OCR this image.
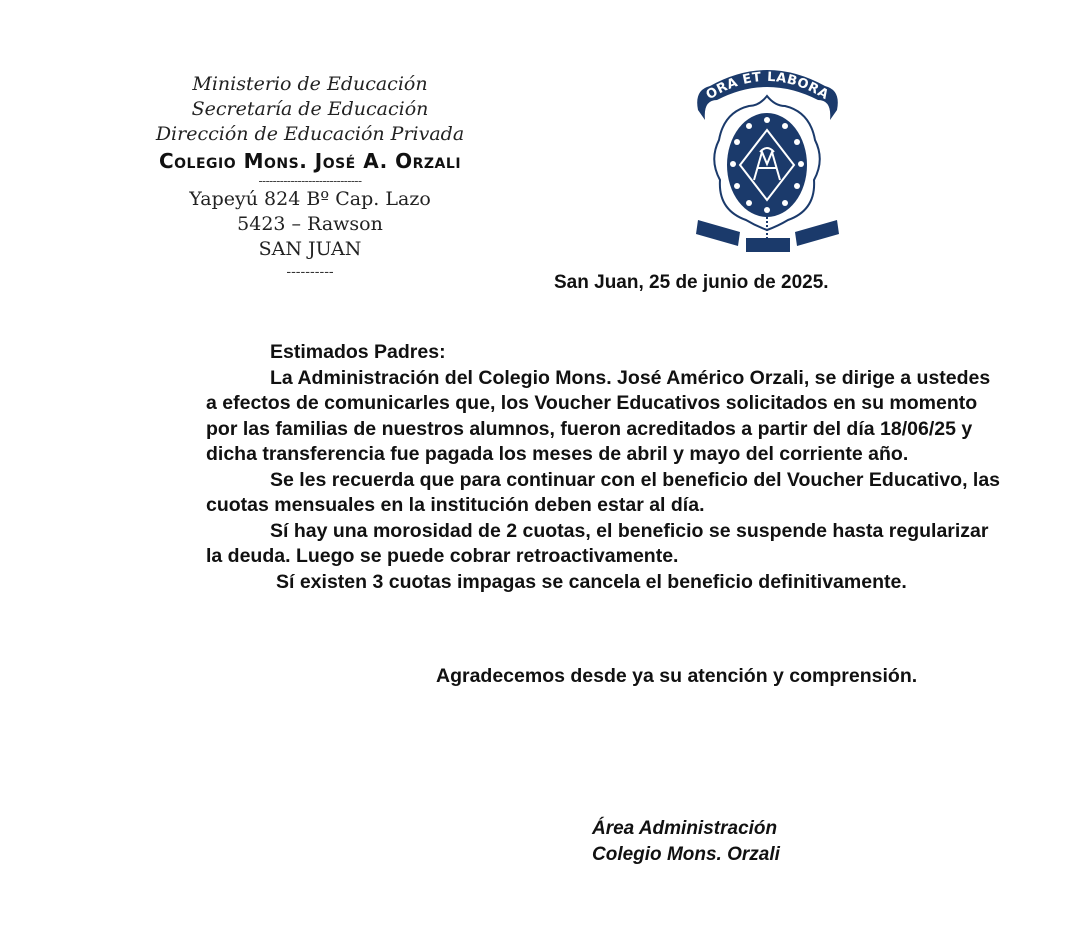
Ministerio de Educación
Secretaría de Educación
Dirección de Educación Privada
Colegio Mons. José A. Orzali
-----------------------------
Yapeyú 824 Bº Cap. Lazo
5423 – Rawson
SAN JUAN
----------
ORA ET LABORA
San Juan, 25 de junio de 2025.

Estimados Padres:

La Administración del Colegio Mons. José Américo Orzali, se dirige a ustedes a efectos de comunicarles que, los Voucher Educativos solicitados en su momento por las familias de nuestros alumnos, fueron acreditados a partir del día 18/06/25 y dicha transferencia fue pagada los meses de abril y mayo del corriente año.

Se les recuerda que para continuar con el beneficio del Voucher Educativo, las cuotas mensuales en la institución deben estar al día.

Sí hay una morosidad de 2 cuotas, el beneficio se suspende hasta regularizar la deuda. Luego se puede cobrar retroactivamente.

Sí existen 3 cuotas impagas se cancela el beneficio definitivamente.

Agradecemos desde ya su atención y comprensión.
Área Administración
Colegio Mons. Orzali
